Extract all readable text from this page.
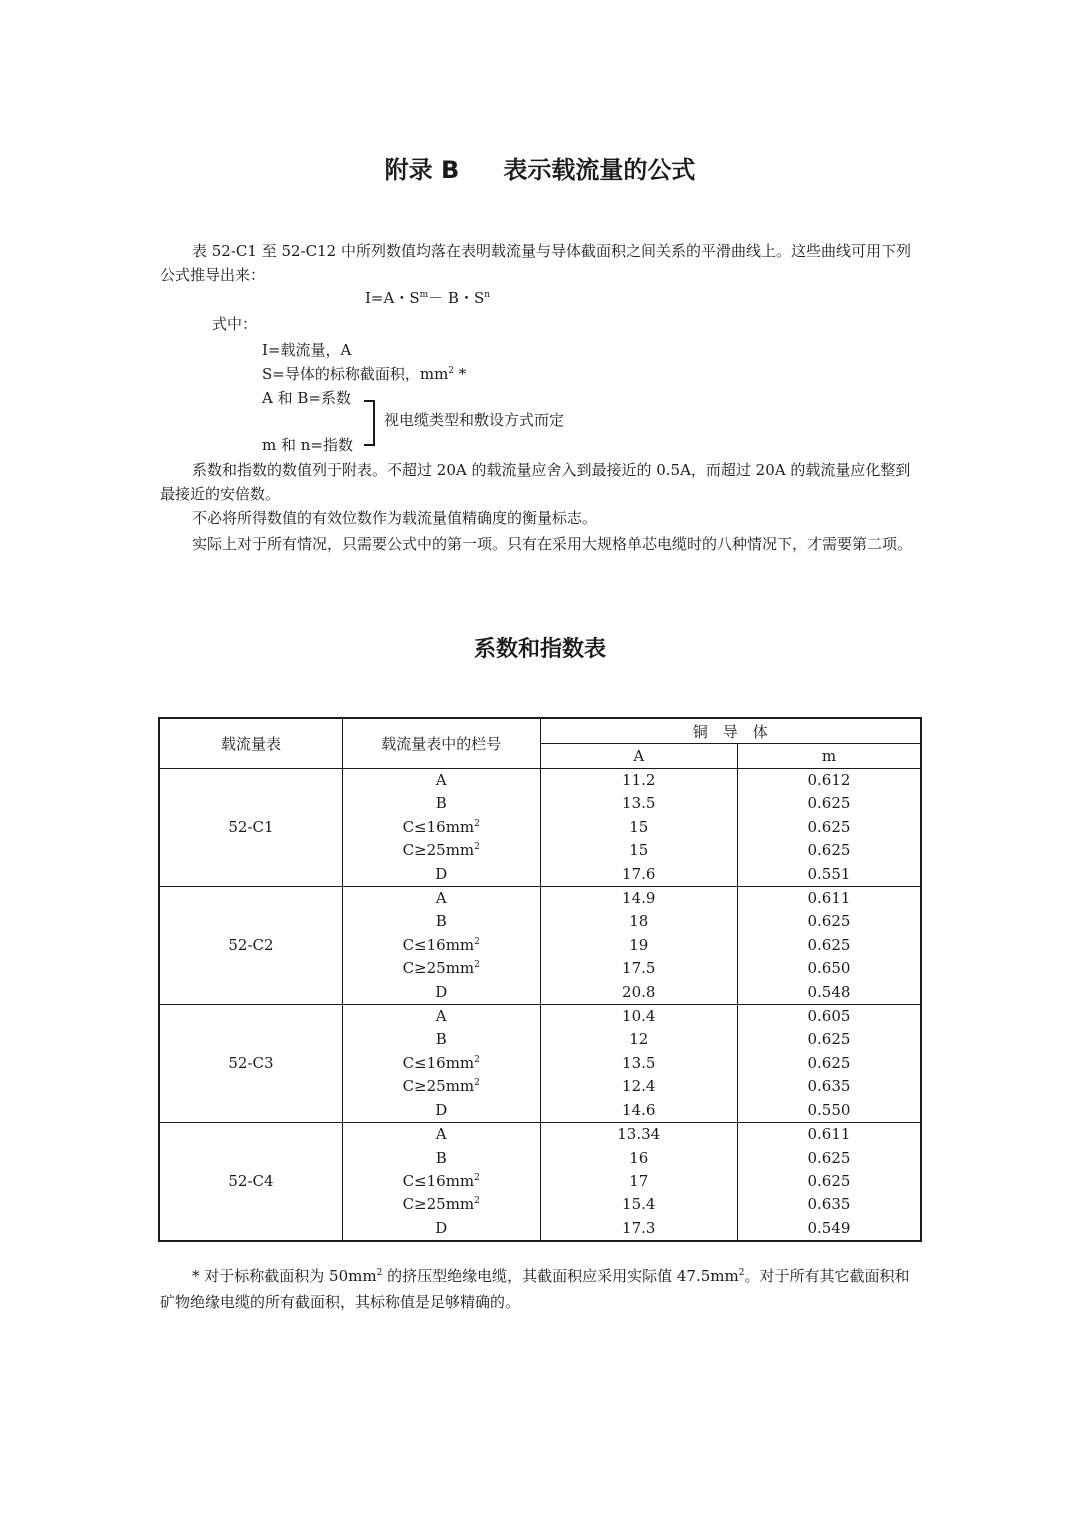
附录 B 表示载流量的公式

表 52-C1 至 52-C12 中所列数值均落在表明载流量与导体截面积之间关系的平滑曲线上。这些曲线可用下列公式推导出来：

I=A・$S^m- B$・$S^n$
式中：
I=载流量，A
S=导体的标称截面积，$mm^2$ *
A 和 B=系数
m 和 n=指数
视电缆类型和敷设方式而定

系数和指数的数值列于附表。不超过 20A 的载流量应舍入到最接近的 0.5A，而超过 20A 的载流量应化整到最接近的安倍数。

不必将所得数值的有效位数作为载流量值精确度的衡量标志。

实际上对于所有情况，只需要公式中的第一项。只有在采用大规格单芯电缆时的八种情况下，才需要第二项。

系数和指数表
载流量表	载流量表中的栏号	铜　导　体	
		A	m
52-C1	A	11.2	0.612
	B	13.5	0.625
	$C\le 16mm^2$	15	0.625
	$C\ge 25mm^2$	15	0.625
	D	17.6	0.551
52-C2	A	14.9	0.611
	B	18	0.625
	$C\le 16mm^2$	19	0.625
	$C\ge 25mm^2$	17.5	0.650
	D	20.8	0.548
52-C3	A	10.4	0.605
	B	12	0.625
	$C\le 16mm^2$	13.5	0.625
	$C\ge 25mm^2$	12.4	0.635
	D	14.6	0.550
52-C4	A	13.34	0.611
	B	16	0.625
	$C\le 16mm^2$	17	0.625
	$C\ge 25mm^2$	15.4	0.635
	D	17.3	0.549

* 对于标称截面积为 $50mm^2$ 的挤压型绝缘电缆，其截面积应采用实际值 $47.5mm^2$。对于所有其它截面积和矿物绝缘电缆的所有截面积，其标称值是足够精确的。
